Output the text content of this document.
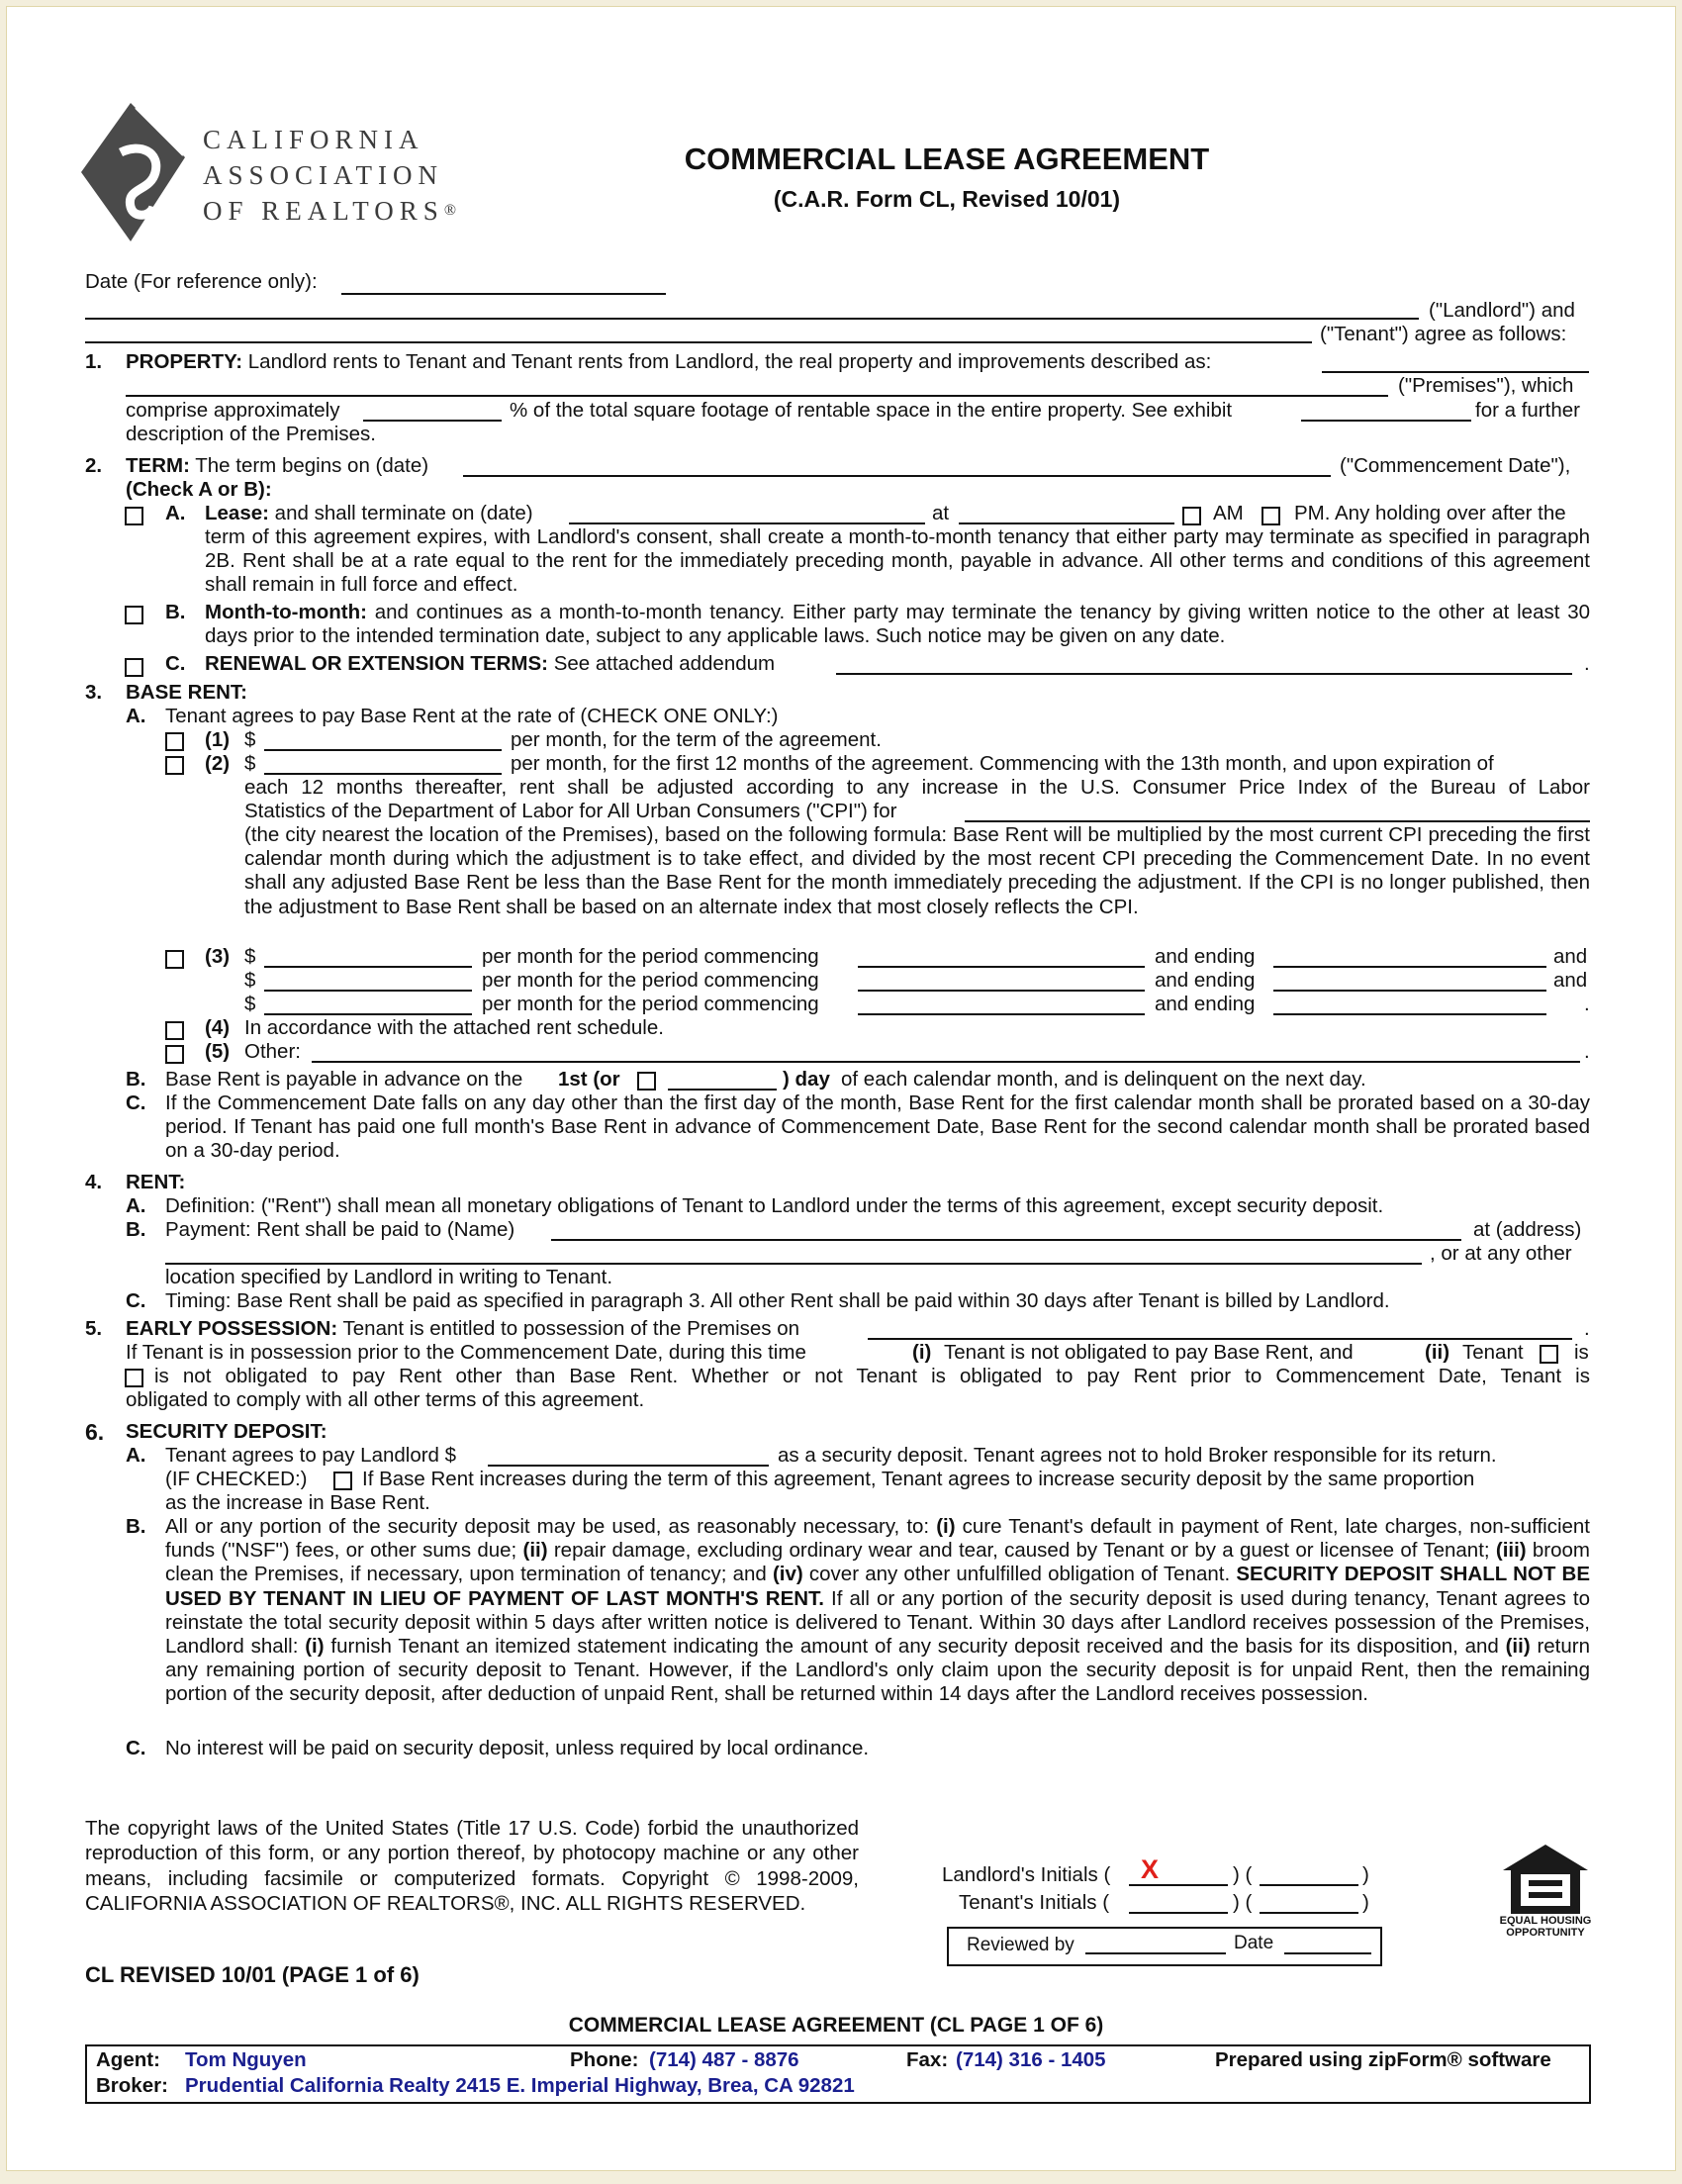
CALIFORNIA
ASSOCIATION
OF REALTORS®
COMMERCIAL LEASE AGREEMENT
(C.A.R. Form CL, Revised 10/01)
Date (For reference only):
("Landlord") and
("Tenant") agree as follows:
1. PROPERTY: Landlord rents to Tenant and Tenant rents from Landlord, the real property and improvements described as:
("Premises"), which
comprise approximately	% of the total square footage of rentable space in the entire property. See exhibit	for a further
description of the Premises.
2. TERM: The term begins on (date)	("Commencement Date"),
(Check A or B):
A. Lease: and shall terminate on (date)	at	AM	PM. Any holding over after the
term of this agreement expires, with Landlord's consent, shall create a month-to-month tenancy that either party may terminate as specified in paragraph 2B. Rent shall be at a rate equal to the rent for the immediately preceding month, payable in advance. All other terms and conditions of this agreement shall remain in full force and effect.
B. Month-to-month: and continues as a month-to-month tenancy. Either party may terminate the tenancy by giving written notice to the other at least 30 days prior to the intended termination date, subject to any applicable laws. Such notice may be given on any date.
C. RENEWAL OR EXTENSION TERMS: See attached addendum	.
3. BASE RENT:
A. Tenant agrees to pay Base Rent at the rate of (CHECK ONE ONLY:)
(1) $	per month, for the term of the agreement.
(2) $	per month, for the first 12 months of the agreement. Commencing with the 13th month, and upon expiration of
each 12 months thereafter, rent shall be adjusted according to any increase in the U.S. Consumer Price Index of the Bureau of Labor
Statistics of the Department of Labor for All Urban Consumers ("CPI") for
(the city nearest the location of the Premises), based on the following formula: Base Rent will be multiplied by the most current CPI preceding the first calendar month during which the adjustment is to take effect, and divided by the most recent CPI preceding the Commencement Date. In no event shall any adjusted Base Rent be less than the Base Rent for the month immediately preceding the adjustment. If the CPI is no longer published, then the adjustment to Base Rent shall be based on an alternate index that most closely reflects the CPI.
(3) $	per month for the period commencing	and ending	and
$	per month for the period commencing	and ending	and
$	per month for the period commencing	and ending	.
(4) In accordance with the attached rent schedule.
(5) Other:	.
B. Base Rent is payable in advance on the 1st (or	) day of each calendar month, and is delinquent on the next day.
C. If the Commencement Date falls on any day other than the first day of the month, Base Rent for the first calendar month shall be prorated based on a 30-day period. If Tenant has paid one full month's Base Rent in advance of Commencement Date, Base Rent for the second calendar month shall be prorated based on a 30-day period.
4. RENT:
A. Definition: ("Rent") shall mean all monetary obligations of Tenant to Landlord under the terms of this agreement, except security deposit.
B. Payment: Rent shall be paid to (Name)	at (address)
, or at any other
location specified by Landlord in writing to Tenant.
C. Timing: Base Rent shall be paid as specified in paragraph 3. All other Rent shall be paid within 30 days after Tenant is billed by Landlord.
5. EARLY POSSESSION: Tenant is entitled to possession of the Premises on	.
If Tenant is in possession prior to the Commencement Date, during this time	(i) Tenant is not obligated to pay Base Rent, and	(ii) Tenant	is
is not obligated to pay Rent other than Base Rent. Whether or not Tenant is obligated to pay Rent prior to Commencement Date, Tenant is
obligated to comply with all other terms of this agreement.
6. SECURITY DEPOSIT:
A. Tenant agrees to pay Landlord $	as a security deposit. Tenant agrees not to hold Broker responsible for its return.
(IF CHECKED:)	If Base Rent increases during the term of this agreement, Tenant agrees to increase security deposit by the same proportion
as the increase in Base Rent.
B. All or any portion of the security deposit may be used, as reasonably necessary, to: (i) cure Tenant's default in payment of Rent, late charges, non-sufficient funds ("NSF") fees, or other sums due; (ii) repair damage, excluding ordinary wear and tear, caused by Tenant or by a guest or licensee of Tenant; (iii) broom clean the Premises, if necessary, upon termination of tenancy; and (iv) cover any other unfulfilled obligation of Tenant. SECURITY DEPOSIT SHALL NOT BE USED BY TENANT IN LIEU OF PAYMENT OF LAST MONTH'S RENT. If all or any portion of the security deposit is used during tenancy, Tenant agrees to reinstate the total security deposit within 5 days after written notice is delivered to Tenant. Within 30 days after Landlord receives possession of the Premises, Landlord shall: (i) furnish Tenant an itemized statement indicating the amount of any security deposit received and the basis for its disposition, and (ii) return any remaining portion of security deposit to Tenant. However, if the Landlord's only claim upon the security deposit is for unpaid Rent, then the remaining portion of the security deposit, after deduction of unpaid Rent, shall be returned within 14 days after the Landlord receives possession.
C. No interest will be paid on security deposit, unless required by local ordinance.
The copyright laws of the United States (Title 17 U.S. Code) forbid the unauthorized reproduction of this form, or any portion thereof, by photocopy machine or any other means, including facsimile or computerized formats. Copyright © 1998-2009, CALIFORNIA ASSOCIATION OF REALTORS®, INC. ALL RIGHTS RESERVED.
CL REVISED 10/01 (PAGE 1 of 6)
Landlord's Initials ( X	) (	)
Tenant's Initials (	) (	)
Reviewed by	Date
EQUAL HOUSING
OPPORTUNITY
COMMERCIAL LEASE AGREEMENT (CL PAGE 1 OF 6)
Agent: Tom Nguyen	Phone: (714) 487 - 8876	Fax: (714) 316 - 1405	Prepared using zipForm® software
Broker: Prudential California Realty 2415 E. Imperial Highway, Brea, CA 92821
